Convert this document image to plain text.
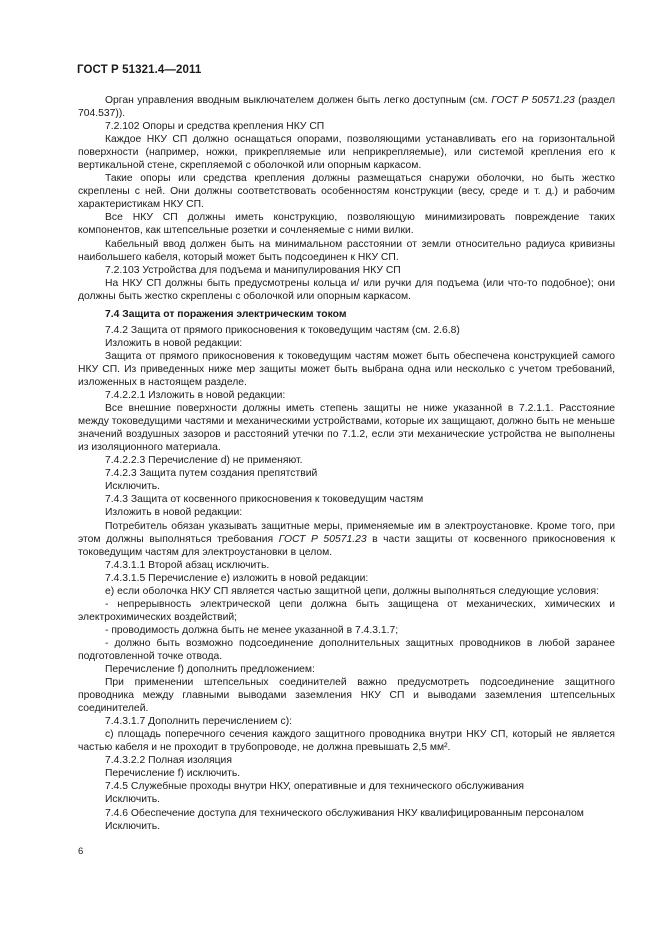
ГОСТ Р 51321.4—2011

Орган управления вводным выключателем должен быть легко доступным (см. ГОСТ Р 50571.23 (раздел 704.537)).

7.2.102 Опоры и средства крепления НКУ СП

Каждое НКУ СП должно оснащаться опорами, позволяющими устанавливать его на горизонтальной поверхности (например, ножки, прикрепляемые или неприкрепляемые), или системой крепления его к вертикальной стене, скрепляемой с оболочкой или опорным каркасом.

Такие опоры или средства крепления должны размещаться снаружи оболочки, но быть жестко скреплены с ней. Они должны соответствовать особенностям конструкции (весу, среде и т. д.) и рабочим характеристикам НКУ СП.

Все НКУ СП должны иметь конструкцию, позволяющую минимизировать повреждение таких компонентов, как штепсельные розетки и сочленяемые с ними вилки.

Кабельный ввод должен быть на минимальном расстоянии от земли относительно радиуса кривизны наибольшего кабеля, который может быть подсоединен к НКУ СП.

7.2.103 Устройства для подъема и манипулирования НКУ СП

На НКУ СП должны быть предусмотрены кольца и/ или ручки для подъема (или что-то подобное); они должны быть жестко скреплены с оболочкой или опорным каркасом.

7.4 Защита от поражения электрическим током

7.4.2 Защита от прямого прикосновения к токоведущим частям (см. 2.6.8)

Изложить в новой редакции:

Защита от прямого прикосновения к токоведущим частям может быть обеспечена конструкцией самого НКУ СП. Из приведенных ниже мер защиты может быть выбрана одна или несколько с учетом требований, изложенных в настоящем разделе.

7.4.2.2.1 Изложить в новой редакции:

Все внешние поверхности должны иметь степень защиты не ниже указанной в 7.2.1.1. Расстояние между токоведущими частями и механическими устройствами, которые их защищают, должно быть не меньше значений воздушных зазоров и расстояний утечки по 7.1.2, если эти механические устройства не выполнены из изоляционного материала.

7.4.2.2.3 Перечисление d) не применяют.

7.4.2.3 Защита путем создания препятствий

Исключить.

7.4.3 Защита от косвенного прикосновения к токоведущим частям

Изложить в новой редакции:

Потребитель обязан указывать защитные меры, применяемые им в электроустановке. Кроме того, при этом должны выполняться требования ГОСТ Р 50571.23 в части защиты от косвенного прикосновения к токоведущим частям для электроустановки в целом.

7.4.3.1.1 Второй абзац исключить.

7.4.3.1.5 Перечисление е) изложить в новой редакции:

е) если оболочка НКУ СП является частью защитной цепи, должны выполняться следующие условия:

- непрерывность электрической цепи должна быть защищена от механических, химических и электрохимических воздействий;

- проводимость должна быть не менее указанной в 7.4.3.1.7;

- должно быть возможно подсоединение дополнительных защитных проводников в любой заранее подготовленной точке отвода.

Перечисление f) дополнить предложением:

При применении штепсельных соединителей важно предусмотреть подсоединение защитного проводника между главными выводами заземления НКУ СП и выводами заземления штепсельных соединителей.

7.4.3.1.7 Дополнить перечислением с):

с) площадь поперечного сечения каждого защитного проводника внутри НКУ СП, который не является частью кабеля и не проходит в трубопроводе, не должна превышать 2,5 мм².

7.4.3.2.2 Полная изоляция

Перечисление f) исключить.

7.4.5 Служебные проходы внутри НКУ, оперативные и для технического обслуживания

Исключить.

7.4.6 Обеспечение доступа для технического обслуживания НКУ квалифицированным персоналом

Исключить.

6
